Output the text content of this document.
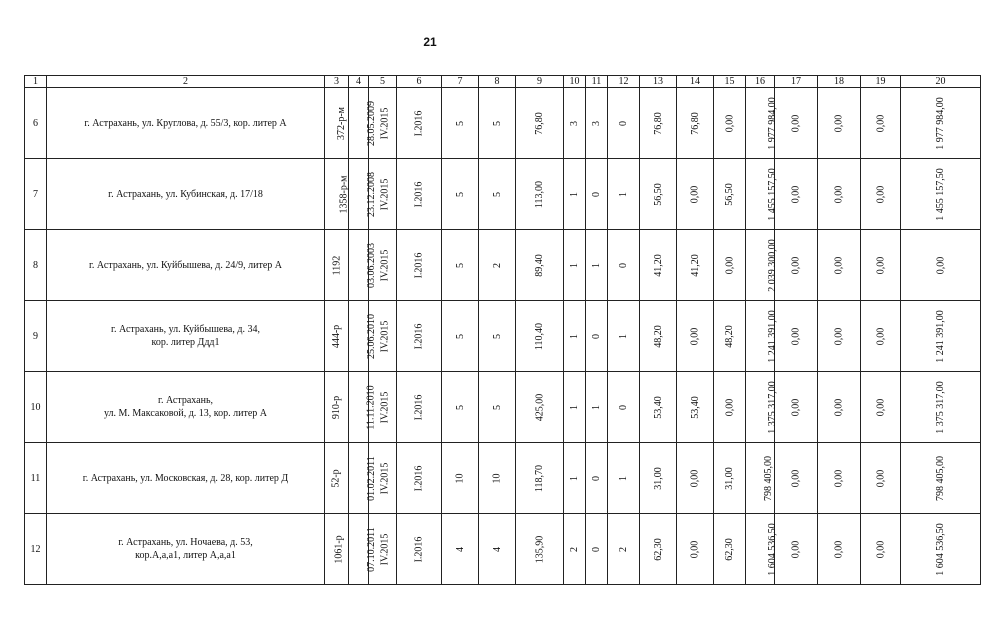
21
1	2	3	4	5	6	7	8	9	10	11	12	13	14	15	16	17	18	19	20
6	г. Астрахань, ул. Круглова, д. 55/3, кор. литер А	372-р-м	28.05.2009	IV.2015	I.2016	5	5	76,80	3	3	0	76,80	76,80	0,00	1 977 984,00	0,00	0,00	0,00	1 977 984,00
7	г. Астрахань, ул. Кубинская, д. 17/18	1358-р-м	23.12.2008	IV.2015	I.2016	5	5	113,00	1	0	1	56,50	0,00	56,50	1 455 157,50	0,00	0,00	0,00	1 455 157,50
8	г. Астрахань, ул. Куйбышева, д. 24/9, литер А	1192	03.06.2003	IV.2015	I.2016	5	2	89,40	1	1	0	41,20	41,20	0,00	2 039 300,00	0,00	0,00	0,00	0,00
9	г. Астрахань, ул. Куйбышева, д. 34,
кор. литер Ддд1	444-р	25.06.2010	IV.2015	I.2016	5	5	110,40	1	0	1	48,20	0,00	48,20	1 241 391,00	0,00	0,00	0,00	1 241 391,00
10	г. Астрахань,
ул. М. Максаковой, д. 13, кор. литер А	910-р	11.11.2010	IV.2015	I.2016	5	5	425,00	1	1	0	53,40	53,40	0,00	1 375 317,00	0,00	0,00	0,00	1 375 317,00
11	г. Астрахань, ул. Московская, д. 28, кор. литер Д	52-р	01.02.2011	IV.2015	I.2016	10	10	118,70	1	0	1	31,00	0,00	31,00	798 405,00	0,00	0,00	0,00	798 405,00
12	г. Астрахань, ул. Ночаева, д. 53,
кор.А,а,а1, литер А,а,а1	1061-р	07.10.2011	IV.2015	I.2016	4	4	135,90	2	0	2	62,30	0,00	62,30	1 604 536,50	0,00	0,00	0,00	1 604 536,50
